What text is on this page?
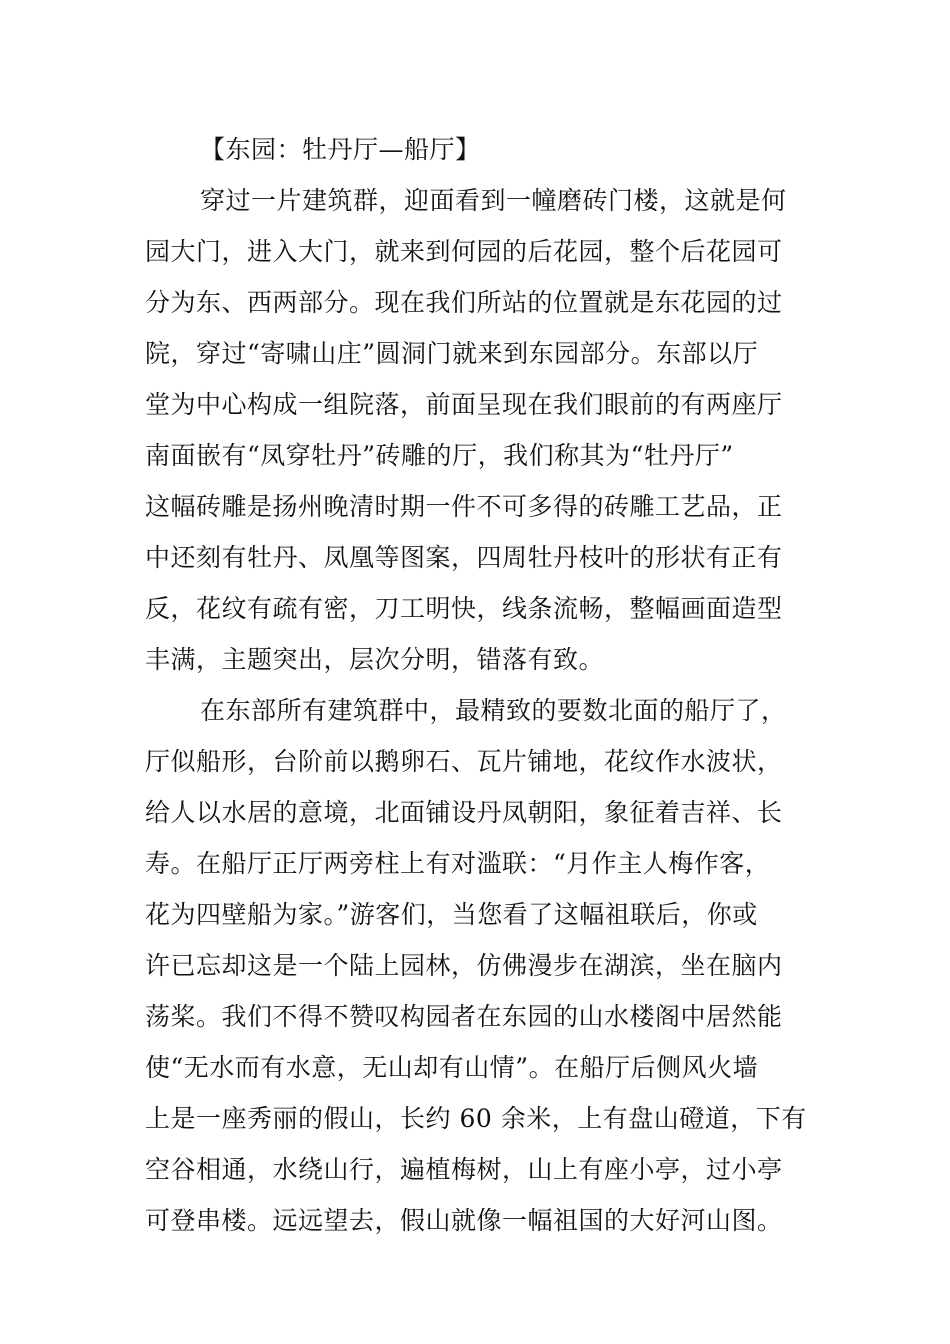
【东园：牡丹厅—船厅】
穿过一片建筑群，迎面看到一幢磨砖门楼，这就是何
园大门，进入大门，就来到何园的后花园，整个后花园可
分为东、西两部分。现在我们所站的位置就是东花园的过
院，穿过“寄啸山庄”圆洞门就来到东园部分。东部以厅
堂为中心构成一组院落，前面呈现在我们眼前的有两座厅
南面嵌有“凤穿牡丹”砖雕的厅，我们称其为“牡丹厅”
这幅砖雕是扬州晚清时期一件不可多得的砖雕工艺品，正
中还刻有牡丹、凤凰等图案，四周牡丹枝叶的形状有正有
反，花纹有疏有密，刀工明快，线条流畅，整幅画面造型
丰满，主题突出，层次分明，错落有致。
在东部所有建筑群中，最精致的要数北面的船厅了，
厅似船形，台阶前以鹅卵石、瓦片铺地，花纹作水波状，
给人以水居的意境，北面铺设丹凤朝阳，象征着吉祥、长
寿。在船厅正厅两旁柱上有对滥联：“月作主人梅作客，
花为四壁船为家。”游客们，当您看了这幅祖联后，你或
许已忘却这是一个陆上园林，仿佛漫步在湖滨，坐在脑内
荡桨。我们不得不赞叹构园者在东园的山水楼阁中居然能
使“无水而有水意，无山却有山情”。在船厅后侧风火墙
上是一座秀丽的假山，长约 60 余米，上有盘山磴道，下有
空谷相通，水绕山行，遍植梅树，山上有座小亭，过小亭
可登串楼。远远望去，假山就像一幅祖国的大好河山图。
